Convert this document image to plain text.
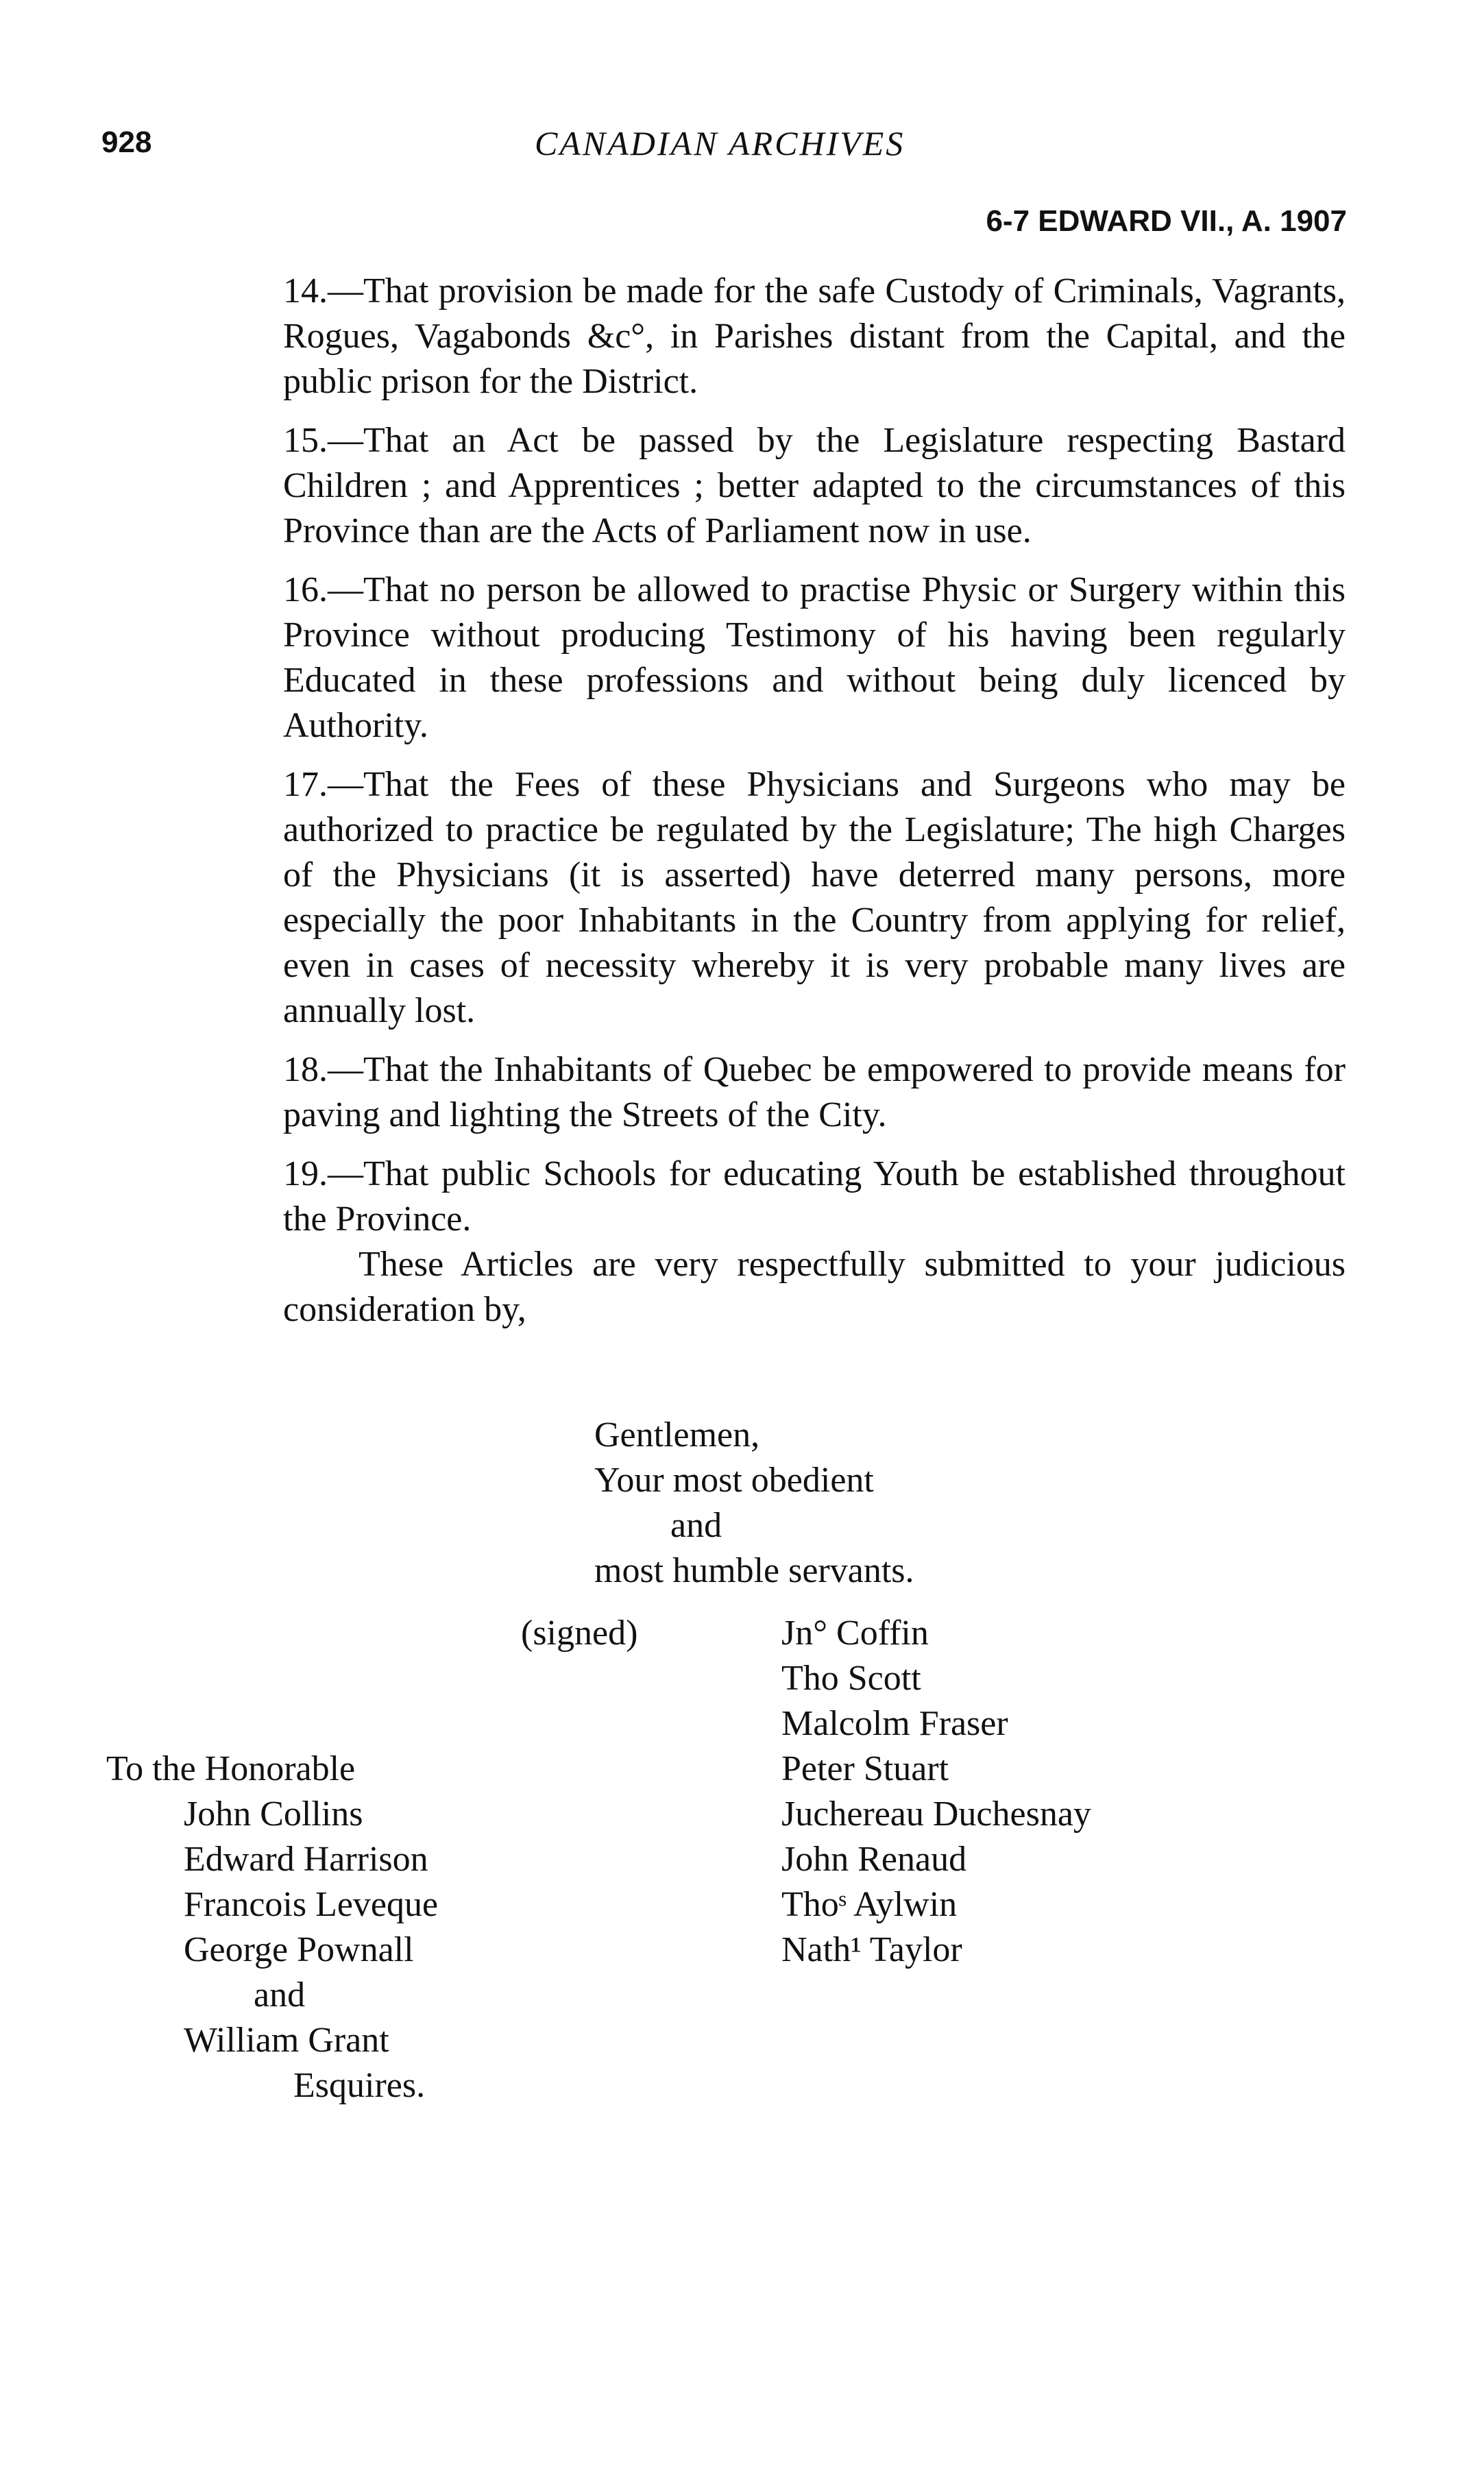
928	CANADIAN ARCHIVES
6-7 EDWARD VII., A. 1907

14.—That provision be made for the safe Custody of Criminals, Vagrants, Rogues, Vagabonds &c°, in Parishes distant from the Capital, and the public prison for the District.

15.—That an Act be passed by the Legislature respecting Bastard Children ; and Apprentices ; better adapted to the circumstances of this Province than are the Acts of Parliament now in use.

16.—That no person be allowed to practise Physic or Surgery within this Province without producing Testimony of his having been regularly Educated in these professions and without being duly licenced by Authority.

17.—That the Fees of these Physicians and Surgeons who may be authorized to practice be regulated by the Legislature; The high Charges of the Physicians (it is asserted) have deterred many persons, more especially the poor Inhabitants in the Country from applying for relief, even in cases of necessity whereby it is very probable many lives are annually lost.

18.—That the Inhabitants of Quebec be empowered to provide means for paving and lighting the Streets of the City.

19.—That public Schools for educating Youth be established throughout the Province.

These Articles are very respectfully submitted to your judicious consideration by,

Gentlemen,
Your most obedient
and
most humble servants.
(signed)	Jn° Coffin
Tho Scott
Malcolm Fraser
Peter Stuart
Juchereau Duchesnay
John Renaud
Thoˢ Aylwin
Nath¹ Taylor
To the Honorable
John Collins
Edward Harrison
Francois Leveque
George Pownall
and
William Grant
Esquires.
